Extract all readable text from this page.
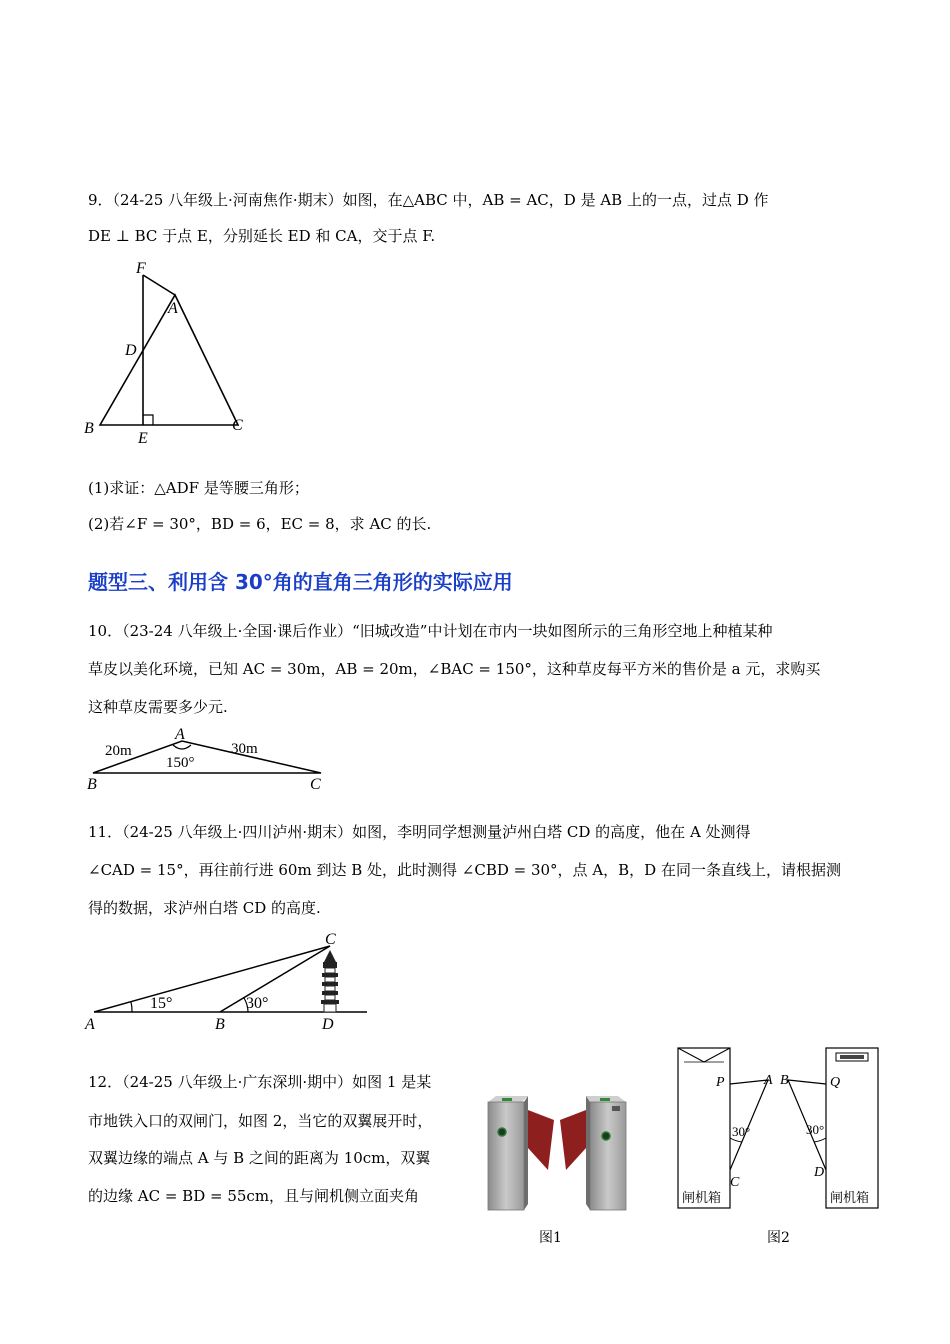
9．（24-25 八年级上·河南焦作·期末）如图，在△ABC 中，AB = AC，D 是 AB 上的一点，过点 D 作
DE ⊥ BC 于点 E，分别延长 ED 和 CA，交于点 F.
F
A
D
B
E
C
(1)求证：△ADF 是等腰三角形；
(2)若∠F = 30°，BD = 6，EC = 8，求 AC 的长.
题型三、利用含 30°角的直角三角形的实际应用
10．（23-24 八年级上·全国·课后作业）“旧城改造”中计划在市内一块如图所示的三角形空地上种植某种
草皮以美化环境，已知 AC = 30m，AB = 20m，∠BAC = 150°，这种草皮每平方米的售价是 a 元，求购买
这种草皮需要多少元.
A
B	C
20m	30m
150°
11．（24-25 八年级上·四川泸州·期末）如图，李明同学想测量泸州白塔 CD 的高度，他在 A 处测得
∠CAD = 15°，再往前行进 60m 到达 B 处，此时测得 ∠CBD = 30°，点 A，B，D 在同一条直线上，请根据测
得的数据，求泸州白塔 CD 的高度.
C
A	B	D
15°	30°
12．（24-25 八年级上·广东深圳·期中）如图 1 是某
市地铁入口的双闸门，如图 2，当它的双翼展开时，
双翼边缘的端点 A 与 B 之间的距离为 10cm，双翼
的边缘 AC = BD = 55cm，且与闸机侧立面夹角
图1
P	A B	Q
C
D
30°	30°
闸机箱	闸机箱
图2
